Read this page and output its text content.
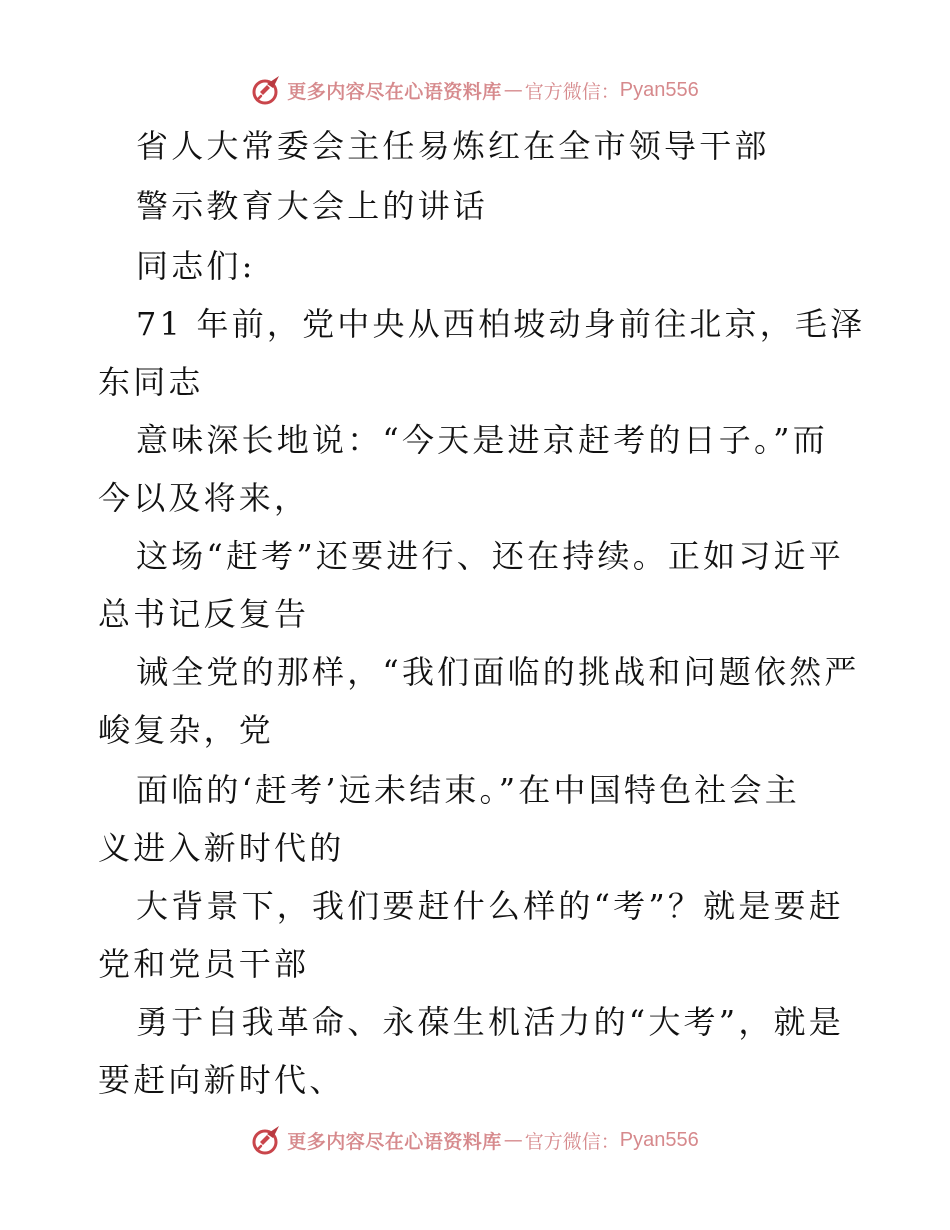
更多内容尽在心语资料库 — 官方微信： Pyan556
省人大常委会主任易炼红在全市领导干部
警示教育大会上的讲话
同志们:
71 年前，党中央从西柏坡动身前往北京，毛泽
东同志
意味深长地说：“今天是进京赶考的日子。”而
今以及将来，
这场“赶考”还要进行、还在持续。正如习近平
总书记反复告
诫全党的那样，“我们面临的挑战和问题依然严
峻复杂，党
面临的‘赶考’远未结束。”在中国特色社会主
义进入新时代的
大背景下，我们要赶什么样的“考”？就是要赶
党和党员干部
勇于自我革命、永葆生机活力的“大考”，就是
要赶向新时代、
更多内容尽在心语资料库 — 官方微信： Pyan556
